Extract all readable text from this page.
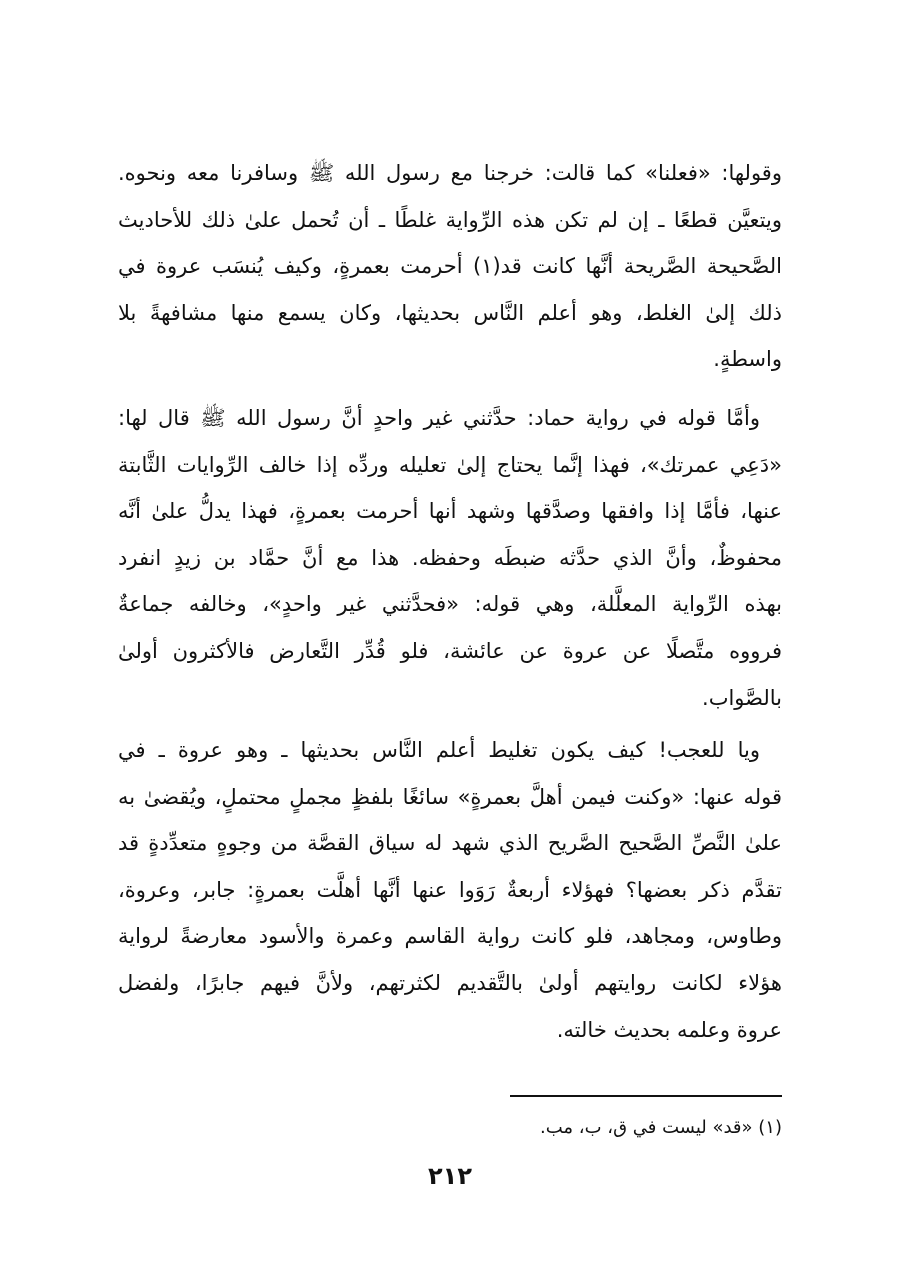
وقولها: «فعلنا» كما قالت: خرجنا مع رسول الله ﷺ وسافرنا معه ونحوه.
ويتعيَّن قطعًا ـ إن لم تكن هذه الرِّواية غلطًا ـ أن تُحمل علىٰ ذلك للأحاديث
الصَّحيحة الصَّريحة أنَّها كانت قد(١) أحرمت بعمرةٍ، وكيف يُنسَب عروة في
ذلك إلىٰ الغلط، وهو أعلم النَّاس بحديثها، وكان يسمع منها مشافهةً بلا
واسطةٍ.
وأمَّا قوله في رواية حماد: حدَّثني غير واحدٍ أنَّ رسول الله ﷺ قال لها:
«دَعِي عمرتك»، فهذا إنَّما يحتاج إلىٰ تعليله وردِّه إذا خالف الرِّوايات الثَّابتة
عنها، فأمَّا إذا وافقها وصدَّقها وشهد أنها أحرمت بعمرةٍ، فهذا يدلُّ علىٰ أنَّه
محفوظٌ، وأنَّ الذي حدَّثه ضبطَه وحفظه. هذا مع أنَّ حمَّاد بن زيدٍ انفرد
بهذه الرِّواية المعلَّلة، وهي قوله: «فحدَّثني غير واحدٍ»، وخالفه جماعةٌ
فرووه متَّصلًا عن عروة عن عائشة، فلو قُدِّر التَّعارض فالأكثرون أولىٰ
بالصَّواب.
ويا للعجب! كيف يكون تغليط أعلم النَّاس بحديثها ـ وهو عروة ـ في
قوله عنها: «وكنت فيمن أهلَّ بعمرةٍ» سائغًا بلفظٍ مجملٍ محتملٍ، ويُقضىٰ به
علىٰ النَّصِّ الصَّحيح الصَّريح الذي شهد له سياق القصَّة من وجوهٍ متعدِّدةٍ قد
تقدَّم ذكر بعضها؟ فهؤلاء أربعةٌ رَوَوا عنها أنَّها أهلَّت بعمرةٍ: جابر، وعروة،
وطاوس، ومجاهد، فلو كانت رواية القاسم وعمرة والأسود معارضةً لرواية
هؤلاء لكانت روايتهم أولىٰ بالتَّقديم لكثرتهم، ولأنَّ فيهم جابرًا، ولفضل
عروة وعلمه بحديث خالته.
(١) «قد» ليست في ق، ب، مب.
٢١٢
